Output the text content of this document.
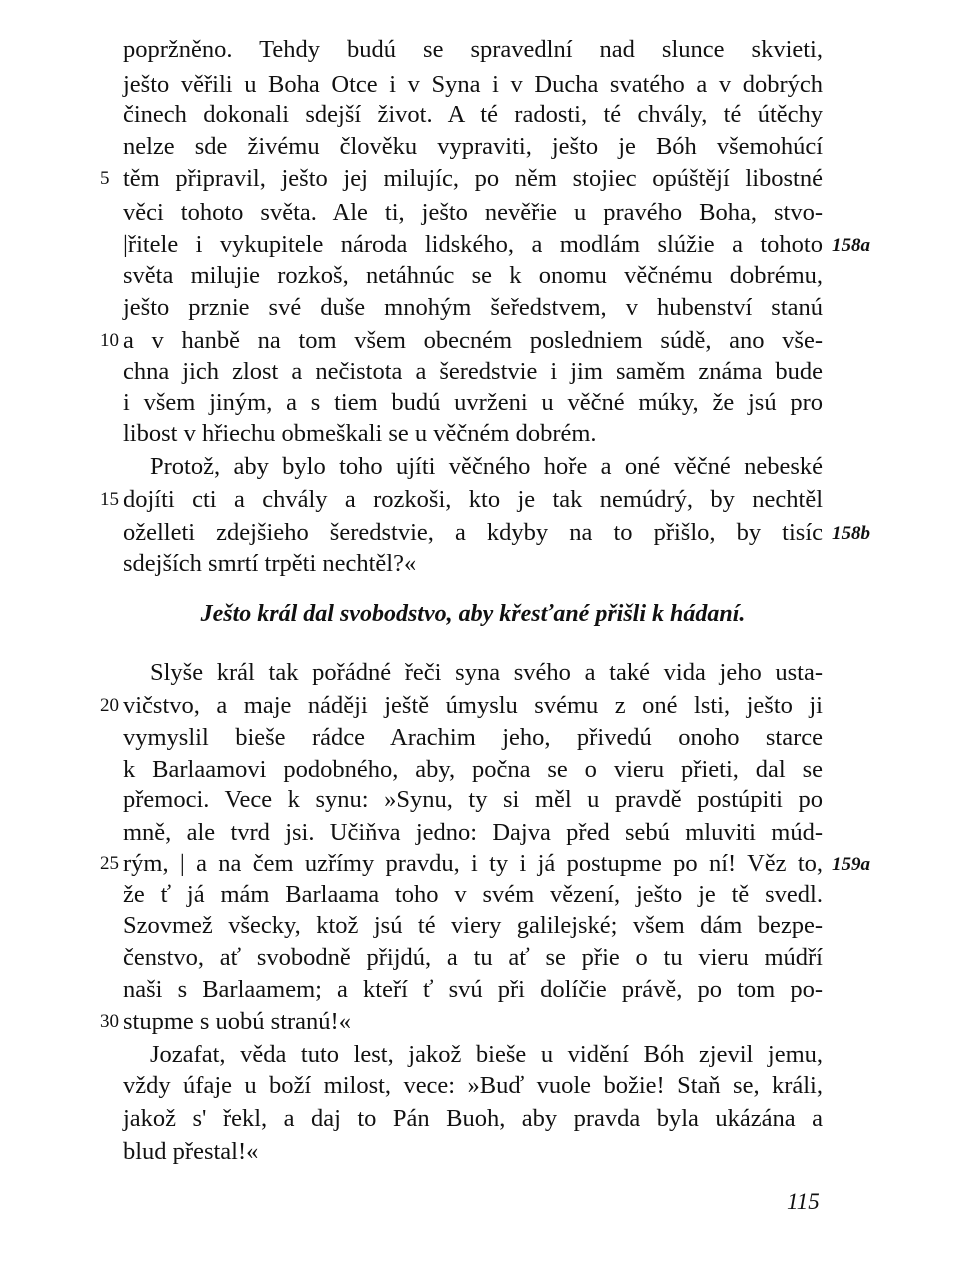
popržněno. Tehdy budú se spravedlní nad slunce skvieti,
ješto věřili u Boha Otce i v Syna i v Ducha svatého a v dobrých
činech dokonali sdejší život. A té radosti, té chvály, té útěchy
nelze sde živému člověku vypraviti, ješto je Bóh všemohúcí
těm připravil, ješto jej milujíc, po něm stojiec opúštějí libostné
věci tohoto světa. Ale ti, ješto nevěřie u pravého Boha, stvo-
|řitele i vykupitele národa lidského, a modlám slúžie a tohoto
světa milujie rozkoš, netáhnúc se k onomu věčnému dobrému,
ješto prznie své duše mnohým šeředstvem, v hubenství stanú
a v hanbě na tom všem obecném posledniem súdě, ano vše-
chna jich zlost a nečistota a šeredstvie i jim saměm známa bude
i všem jiným, a s tiem budú uvrženi u věčné múky, že jsú pro
libost v hřiechu obmeškali se u věčném dobrém.
Protož, aby bylo toho ujíti věčného hoře a oné věčné nebeské
dojíti cti a chvály a rozkoši, kto je tak nemúdrý, by nechtěl
oželleti zdejšieho šeredstvie, a kdyby na to přišlo, by tisíc
sdejších smrtí trpěti nechtěl?«
Ješto král dal svobodstvo, aby křesťané přišli k hádaní.
Slyše král tak pořádné řeči syna svého a také vida jeho usta-
vičstvo, a maje náději ještě úmyslu svému z oné lsti, ješto ji
vymyslil bieše rádce Arachim jeho, přivedú onoho starce
k Barlaamovi podobného, aby, počna se o vieru přieti, dal se
přemoci. Vece k synu: »Synu, ty si měl u pravdě postúpiti po
mně, ale tvrd jsi. Učiňva jedno: Dajva před sebú mluviti múd-
rým, | a na čem uzřímy pravdu, i ty i já postupme po ní! Věz to,
že ť já mám Barlaama toho v svém vězení, ješto je tě svedl.
Szovmež všecky, ktož jsú té viery galilejské; všem dám bezpe-
čenstvo, ať svobodně přijdú, a tu ať se přie o tu vieru múdří
naši s Barlaamem; a kteří ť svú při dolíčie právě, po tom po-
stupme s uobú stranú!«
Jozafat, věda tuto lest, jakož bieše u vidění Bóh zjevil jemu,
vždy úfaje u boží milost, vece: »Buď vuole božie! Staň se, králi,
jakož s' řekl, a daj to Pán Buoh, aby pravda byla ukázána a
blud přestal!«
5
10
15
20
25
30
158a
158b
159a
115
